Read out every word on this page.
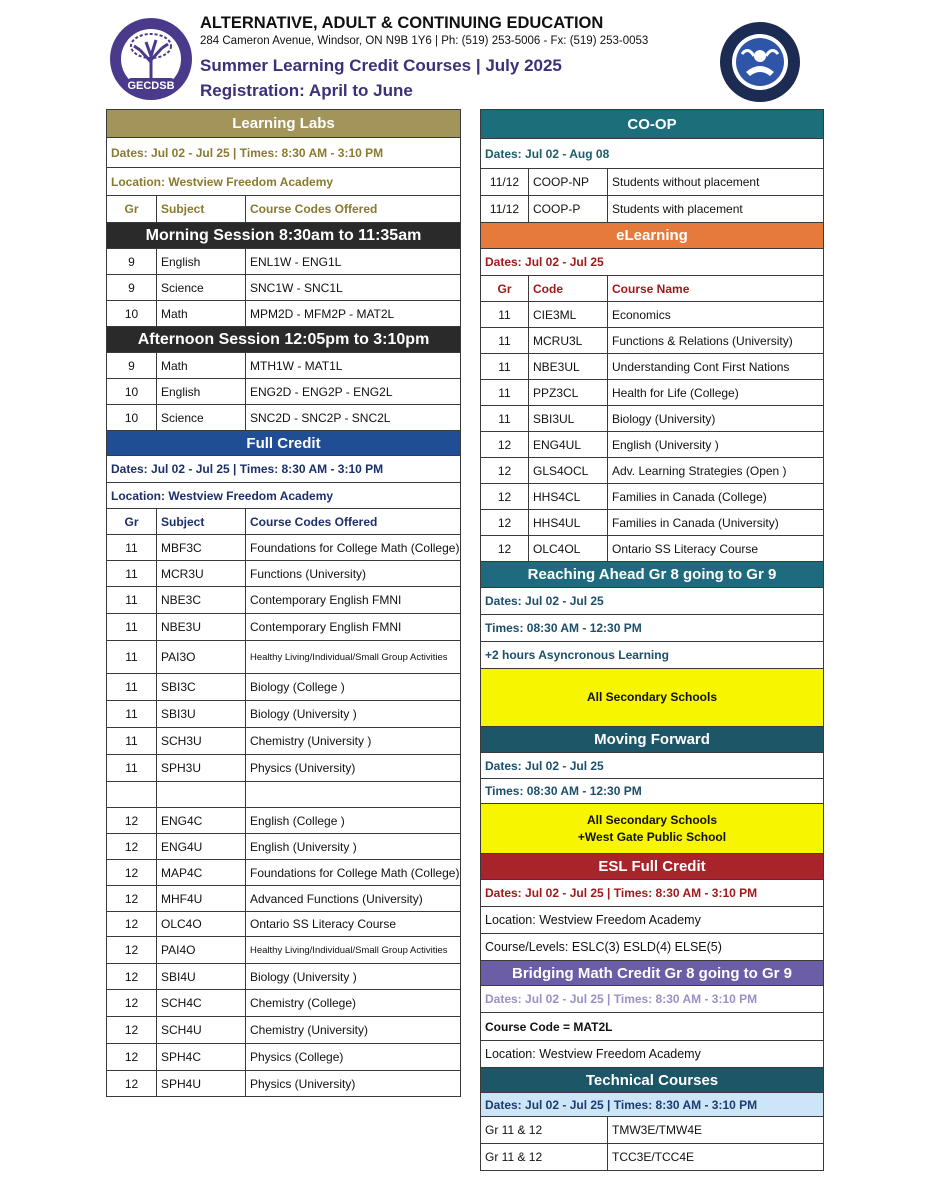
GECDSB
ALTERNATIVE, ADULT & CONTINUING EDUCATION
284 Cameron Avenue, Windsor, ON N9B 1Y6 | Ph: (519) 253-5006 - Fx: (519) 253-0053
Summer Learning Credit Courses | July 2025
Registration: April to June
Learning Labs		
Dates: Jul 02 - Jul 25 | Times: 8:30 AM - 3:10 PM		
Location: Westview Freedom Academy		
Gr	Subject	Course Codes Offered
Morning Session 8:30am to 11:35am		
9	English	ENL1W - ENG1L
9	Science	SNC1W - SNC1L
10	Math	MPM2D - MFM2P - MAT2L
Afternoon Session 12:05pm to 3:10pm		
9	Math	MTH1W - MAT1L
10	English	ENG2D - ENG2P - ENG2L
10	Science	SNC2D - SNC2P - SNC2L
Full Credit		
Dates: Jul 02 - Jul 25 | Times: 8:30 AM - 3:10 PM		
Location: Westview Freedom Academy		
Gr	Subject	Course Codes Offered
11	MBF3C	Foundations for College Math (College)
11	MCR3U	Functions (University)
11	NBE3C	Contemporary English FMNI
11	NBE3U	Contemporary English FMNI
11	PAI3O	Healthy Living/Individual/Small Group Activities
11	SBI3C	Biology (College )
11	SBI3U	Biology (University )
11	SCH3U	Chemistry (University )
11	SPH3U	Physics (University)

12	ENG4C	English (College )
12	ENG4U	English (University )
12	MAP4C	Foundations for College Math (College)
12	MHF4U	Advanced Functions (University)
12	OLC4O	Ontario SS Literacy Course
12	PAI4O	Healthy Living/Individual/Small Group Activities
12	SBI4U	Biology (University )
12	SCH4C	Chemistry (College)
12	SCH4U	Chemistry (University)
12	SPH4C	Physics (College)
12	SPH4U	Physics (University)
CO-OP		
Dates: Jul 02 - Aug 08		
11/12	COOP-NP	Students without placement
11/12	COOP-P	Students with placement
eLearning		
Dates: Jul 02 - Jul 25		
Gr	Code	Course Name
11	CIE3ML	Economics
11	MCRU3L	Functions & Relations (University)
11	NBE3UL	Understanding Cont First Nations
11	PPZ3CL	Health for Life (College)
11	SBI3UL	Biology (University)
12	ENG4UL	English (University )
12	GLS4OCL	Adv. Learning Strategies (Open )
12	HHS4CL	Families in Canada (College)
12	HHS4UL	Families in Canada (University)
12	OLC4OL	Ontario SS Literacy Course
Reaching Ahead Gr 8 going to Gr 9		
Dates: Jul 02 - Jul 25		
Times: 08:30 AM - 12:30 PM		
+2 hours Asyncronous Learning		
All Secondary Schools		
Moving Forward		
Dates: Jul 02 - Jul 25		
Times: 08:30 AM - 12:30 PM		

All Secondary Schools
+West Gate Public School		

ESL Full Credit		
Dates: Jul 02 - Jul 25 | Times: 8:30 AM - 3:10 PM		
Location: Westview Freedom Academy		
Course/Levels: ESLC(3) ESLD(4) ELSE(5)		
Bridging Math Credit Gr 8 going to Gr 9		
Dates: Jul 02 - Jul 25 | Times: 8:30 AM - 3:10 PM		
Course Code = MAT2L		
Location: Westview Freedom Academy		
Technical Courses		
Dates: Jul 02 - Jul 25 | Times: 8:30 AM - 3:10 PM		
Gr 11 & 12		TMW3E/TMW4E
Gr 11 & 12		TCC3E/TCC4E
